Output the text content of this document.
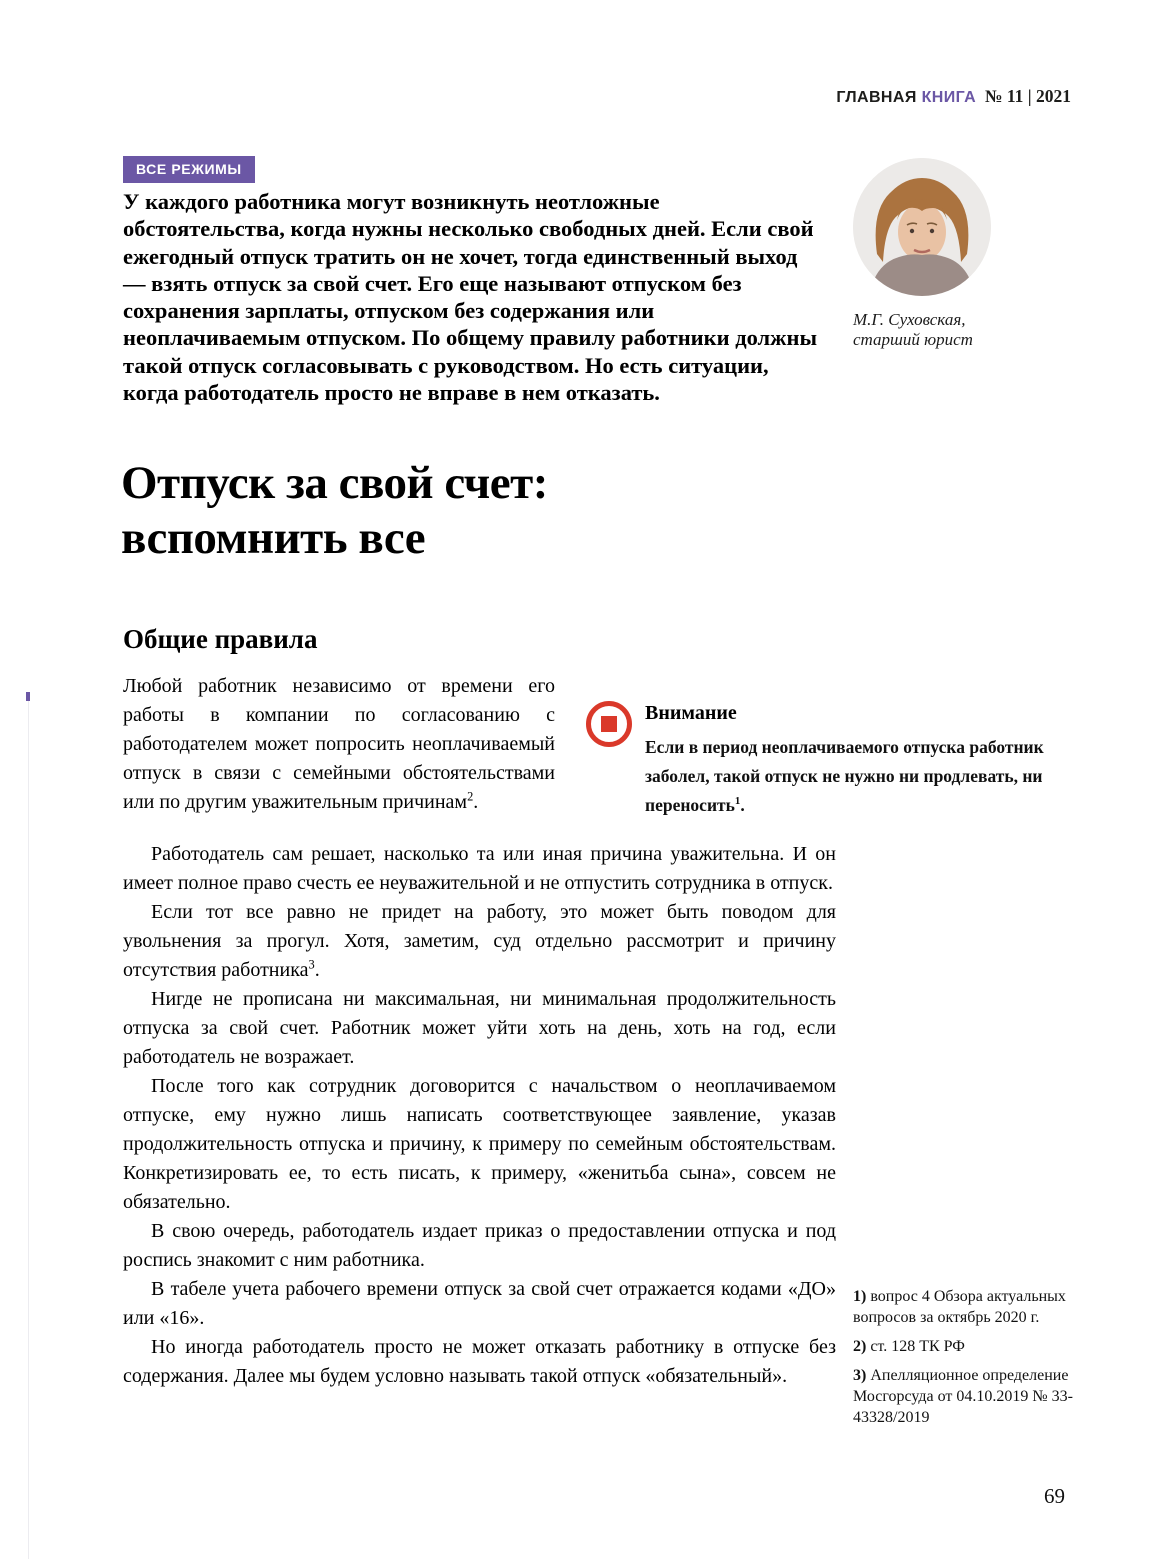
ГЛАВНАЯ КНИГА № 11 | 2021
ВСЕ РЕЖИМЫ

У каждого работника могут возникнуть неотложные обстоятельства, когда нужны несколько свободных дней. Если свой ежегодный отпуск тратить он не хочет, тогда единственный выход — взять отпуск за свой счет. Его еще называют отпуском без сохранения зарплаты, отпуском без содержания или неоплачиваемым отпуском. По общему правилу работники должны такой отпуск согласовывать с руководством. Но есть ситуации, когда работодатель просто не вправе в нем отказать.

М.Г. Суховская,
старший юрист
Отпуск за свой счет:
вспомнить все
Общие правила

Любой работник независимо от времени его работы в компании по согласованию с работодателем может попросить неоплачиваемый отпуск в связи с семейными обстоятельствами или по другим уважительным причинам$^2$.

Внимание

Если в период неоплачиваемого отпуска работник заболел, такой отпуск не нужно ни продлевать, ни переносить$^1$.

Работодатель сам решает, насколько та или иная причина уважительна. И он имеет полное право счесть ее неуважительной и не отпустить сотрудника в отпуск.

Если тот все равно не придет на работу, это может быть поводом для увольнения за прогул. Хотя, заметим, суд отдельно рассмотрит и причину отсутствия работника$^3$.

Нигде не прописана ни максимальная, ни минимальная продолжительность отпуска за свой счет. Работник может уйти хоть на день, хоть на год, если работодатель не возражает.

После того как сотрудник договорится с начальством о неоплачиваемом отпуске, ему нужно лишь написать соответствующее заявление, указав продолжительность отпуска и причину, к примеру по семейным обстоятельствам. Конкретизировать ее, то есть писать, к примеру, «женитьба сына», совсем не обязательно.

В свою очередь, работодатель издает приказ о предоставлении отпуска и под роспись знакомит с ним работника.

В табеле учета рабочего времени отпуск за свой счет отражается кодами «ДО» или «16».

Но иногда работодатель просто не может отказать работнику в отпуске без содержания. Далее мы будем условно называть такой отпуск «обязательный».

1) вопрос 4 Обзора актуальных вопросов за октябрь 2020 г.
2) ст. 128 ТК РФ
3) Апелляционное определение Мосгорсуда от 04.10.2019 № 33-43328/2019
69
